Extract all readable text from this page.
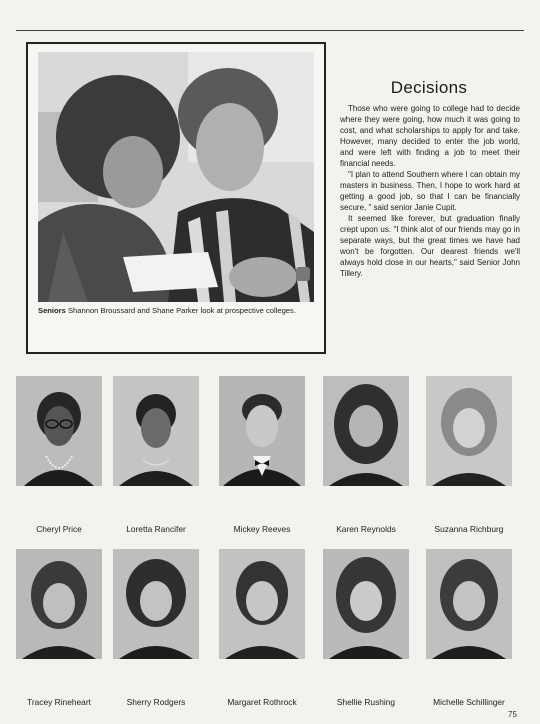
Seniors Shannon Broussard and Shane Parker look at prospective colleges.
Decisions

Those who were going to college had to decide where they were going, how much it was going to cost, and what scholarships to apply for and take. However, many decided to enter the job world, and were left with finding a job to meet their financial needs.

"I plan to attend Southern where I can obtain my masters in business. Then, I hope to work hard at getting a good job, so that I can be financially secure, " said senior Janie Cupit.

It seemed like forever, but graduation finally crept upon us. "I think alot of our friends may go in separate ways, but the great times we have had won't be forgotten. Our dearest friends we'll always hold close in our hearts," said Senior John Tillery.

Cheryl Price	Loretta Rancifer	Mickey Reeves	Karen Reynolds	Suzanna Richburg
Tracey Rineheart	Sherry Rodgers	Margaret Rothrock	Shellie Rushing	Michelle Schillinger
75
